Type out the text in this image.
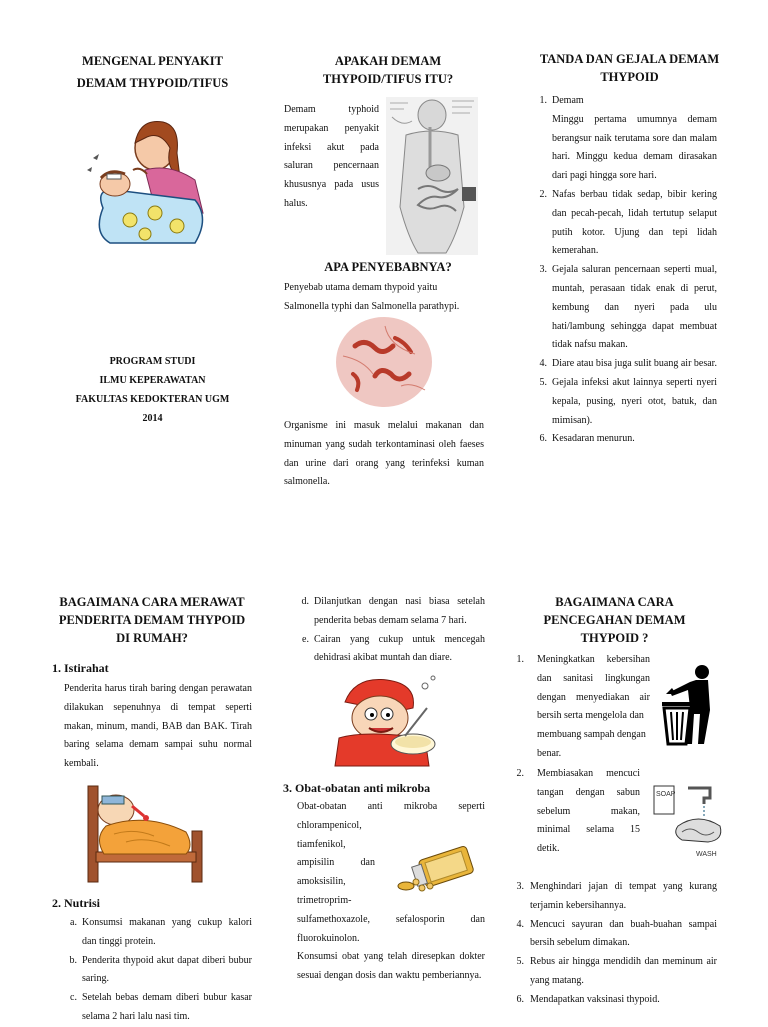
MENGENAL PENYAKIT
DEMAM THYPOID/TIFUS
PROGRAM STUDI
ILMU KEPERAWATAN
FAKULTAS KEDOKTERAN UGM
2014
APAKAH DEMAM
THYPOID/TIFUS ITU?
Demam typhoid
merupakan penyakit
infeksi akut pada
saluran pencernaan
khususnya pada usus
halus.
APA PENYEBABNYA?
Penyebab utama demam thypoid yaitu Salmonella typhi dan Salmonella parathypi.
Organisme ini masuk melalui makanan dan minuman yang sudah terkontaminasi oleh faeses dan urine dari orang yang terinfeksi kuman salmonella.
TANDA DAN GEJALA DEMAM
THYPOID
1. Demam
Minggu pertama umumnya demam berangsur naik terutama sore dan malam hari. Minggu kedua demam dirasakan dari pagi hingga sore hari.
2. Nafas berbau tidak sedap, bibir kering dan pecah-pecah, lidah tertutup selaput putih kotor. Ujung dan tepi lidah kemerahan.
3. Gejala saluran pencernaan seperti mual, muntah, perasaan tidak enak di perut, kembung dan nyeri pada ulu hati/lambung sehingga dapat membuat tidak nafsu makan.
4. Diare atau bisa juga sulit buang air besar.
5. Gejala infeksi akut lainnya seperti nyeri kepala, pusing, nyeri otot, batuk, dan mimisan).
6. Kesadaran menurun.
BAGAIMANA CARA MERAWAT
PENDERITA DEMAM THYPOID
DI RUMAH?
1. Istirahat
Penderita harus tirah baring dengan perawatan dilakukan sepenuhnya di tempat seperti makan, minum, mandi, BAB dan BAK. Tirah baring selama demam sampai suhu normal kembali.
2. Nutrisi
a. Konsumsi makanan yang cukup kalori dan tinggi protein.
b. Penderita thypoid akut dapat diberi bubur saring.
c. Setelah bebas demam diberi bubur kasar selama 2 hari lalu nasi tim.
d. Dilanjutkan dengan nasi biasa setelah penderita bebas demam selama 7 hari.
e. Cairan yang cukup untuk mencegah dehidrasi akibat muntah dan diare.
3. Obat-obatan anti mikroba
Obat-obatan anti mikroba seperti
chlorampenicol,
tiamfenikol,
ampisilin dan
amoksisilin,
trimetroprim-
sulfamethoxazole, sefalosporin dan
fluorokuinolon.
Konsumsi obat yang telah diresepkan dokter sesuai dengan dosis dan waktu pemberiannya.
BAGAIMANA CARA
PENCEGAHAN DEMAM
THYPOID ?
1. Meningkatkan kebersihan
dan sanitasi lingkungan
dengan menyediakan air
bersih serta mengelola dan
membuang sampah dengan
benar.
2. Membiasakan mencuci
tangan dengan sabun
sebelum makan,
minimal selama 15
detik.
SOAP
WASH
3. Menghindari jajan di tempat yang kurang terjamin kebersihannya.
4. Mencuci sayuran dan buah-buahan sampai bersih sebelum dimakan.
5. Rebus air hingga mendidih dan meminum air yang matang.
6. Mendapatkan vaksinasi thypoid.
